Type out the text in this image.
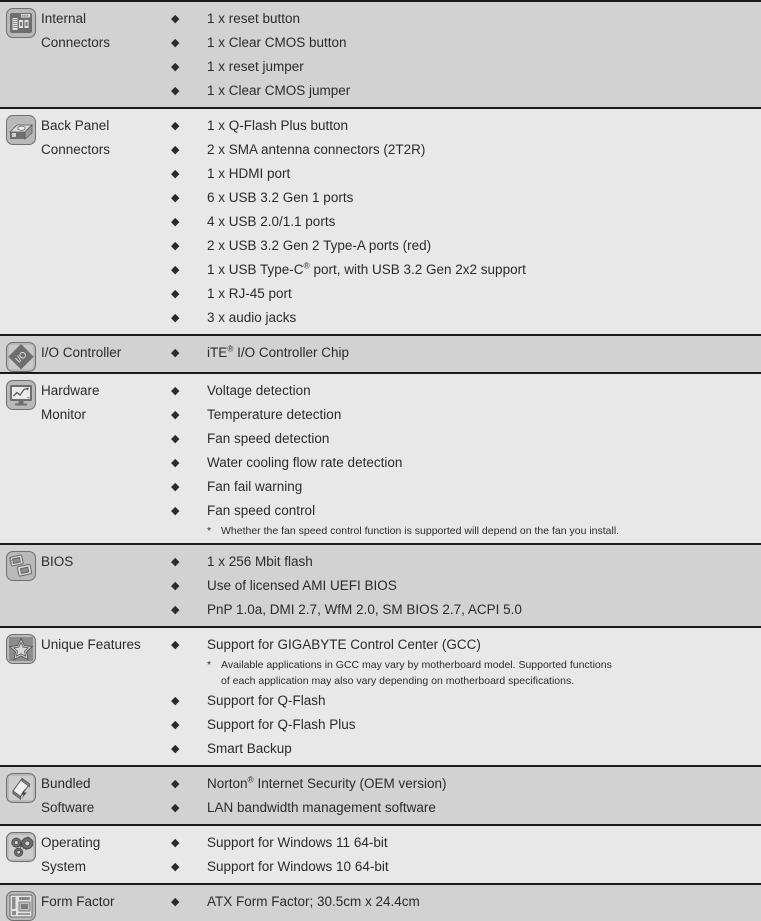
Internal
Connectors
◆	1 x reset button
◆	1 x Clear CMOS button
◆	1 x reset jumper
◆	1 x Clear CMOS jumper
Back Panel
Connectors
◆	1 x Q-Flash Plus button
◆	2 x SMA antenna connectors (2T2R)
◆	1 x HDMI port
◆	6 x USB 3.2 Gen 1 ports
◆	4 x USB 2.0/1.1 ports
◆	2 x USB 3.2 Gen 2 Type-A ports (red)
◆	1 x USB Type-C® port, with USB 3.2 Gen 2x2 support
◆	1 x RJ-45 port
◆	3 x audio jacks
I/O I/O Controller	◆	iTE® I/O Controller Chip
Hardware
Monitor
◆	Voltage detection
◆	Temperature detection
◆	Fan speed detection
◆	Water cooling flow rate detection
◆	Fan fail warning
◆	Fan speed control
* Whether the fan speed control function is supported will depend on the fan you install.
BIOS	◆	1 x 256 Mbit flash
◆	Use of licensed AMI UEFI BIOS
◆	PnP 1.0a, DMI 2.7, WfM 2.0, SM BIOS 2.7, ACPI 5.0
Unique Features	◆	Support for GIGABYTE Control Center (GCC)
* Available applications in GCC may vary by motherboard model. Supported functions
of each application may also vary depending on motherboard specifications.
◆	Support for Q-Flash
◆	Support for Q-Flash Plus
◆	Smart Backup
Bundled
Software
◆	Norton® Internet Security (OEM version)
◆	LAN bandwidth management software
Operating
System
◆	Support for Windows 11 64-bit
◆	Support for Windows 10 64-bit
Form Factor	◆	ATX Form Factor; 30.5cm x 24.4cm
